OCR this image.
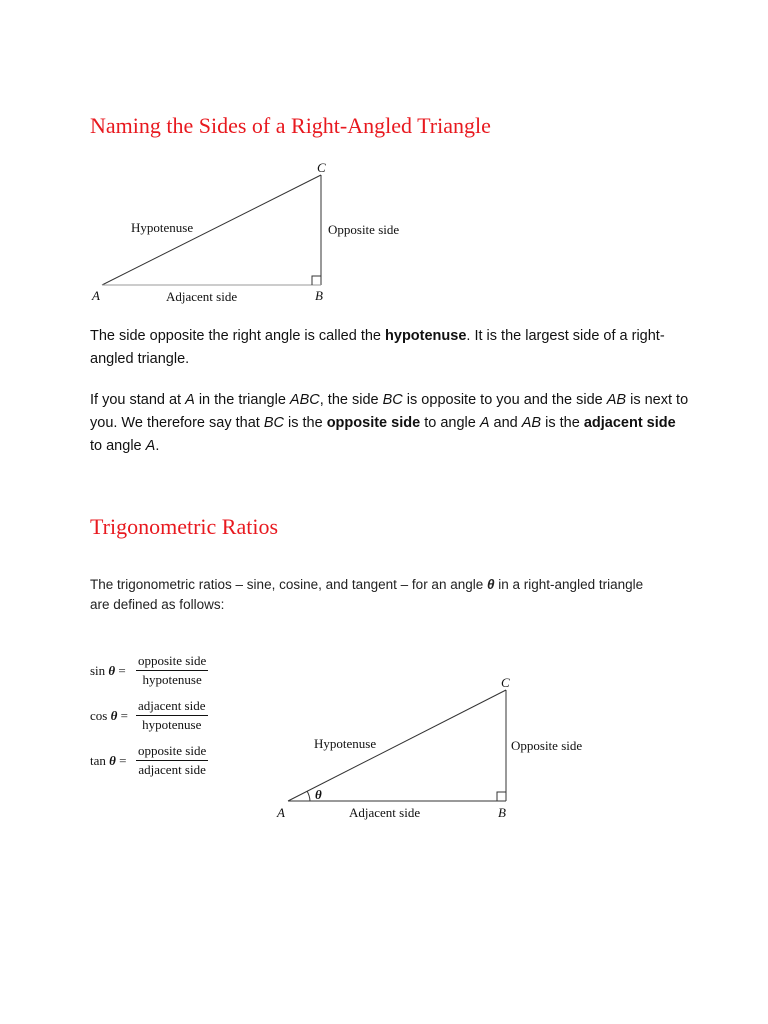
Naming the Sides of a Right-Angled Triangle
C
A	B
Hypotenuse	Opposite side
Adjacent side

The side opposite the right angle is called the hypotenuse. It is the largest side of a right-angled triangle.

If you stand at A in the triangle ABC, the side BC is opposite to you and the side AB is next to you. We therefore say that BC is the opposite side to angle A and AB is the adjacent side to angle A.

Trigonometric Ratios

The trigonometric ratios – sine, cosine, and tangent – for an angle θ in a right-angled triangle are defined as follows:

$\sin \theta = \frac{\text{opposite side}}{\text{hypotenuse}}$
$\cos \theta = \frac{\text{adjacent side}}{\text{hypotenuse}}$
$\tan \theta = \frac{\text{opposite side}}{\text{adjacent side}}$
θ
C
A	B
Hypotenuse	Opposite side
Adjacent side
